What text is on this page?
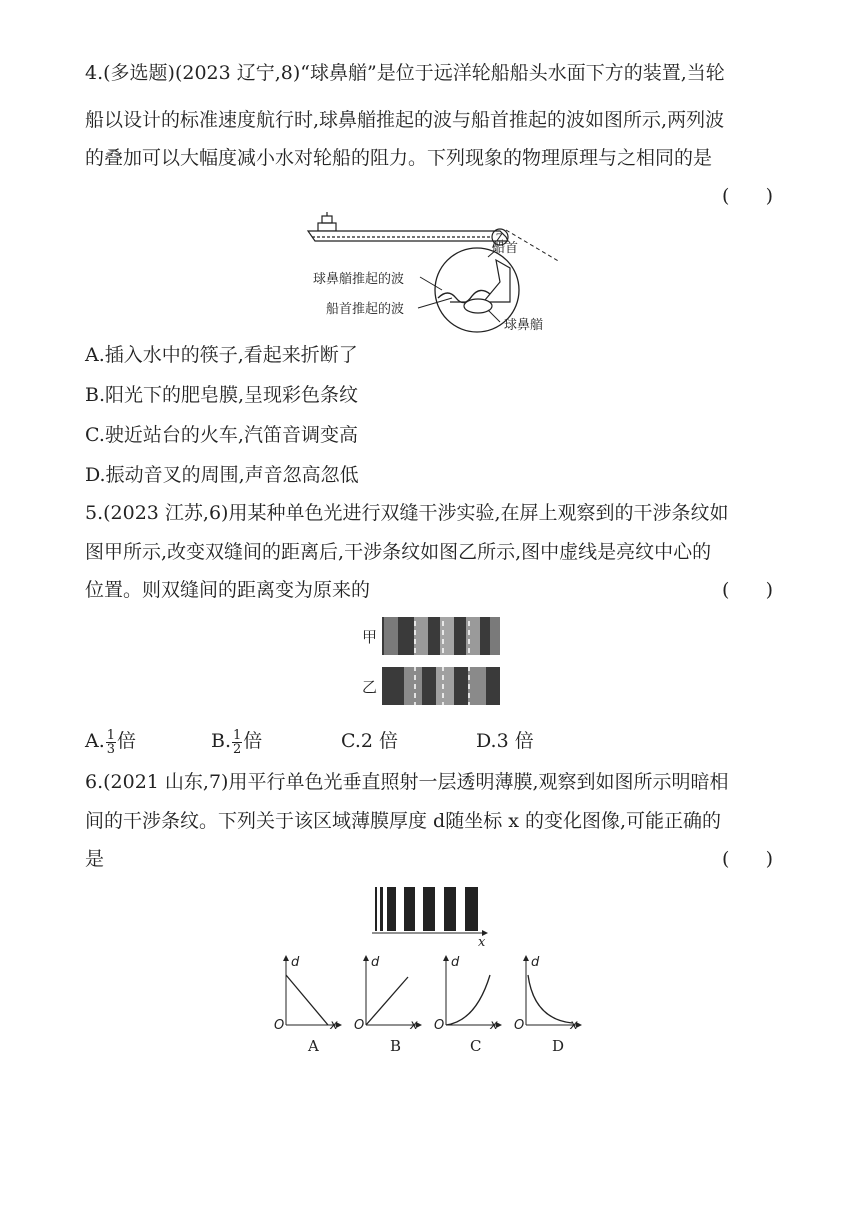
4.(多选题)(2023 辽宁,8)“球鼻艏”是位于远洋轮船船头水面下方的装置,当轮
船以设计的标准速度航行时,球鼻艏推起的波与船首推起的波如图所示,两列波
的叠加可以大幅度减小水对轮船的阻力。下列现象的物理原理与之相同的是
(      )
Z
船首
球鼻艏推起的波
船首推起的波
球鼻艏
A.插入水中的筷子,看起来折断了
B.阳光下的肥皂膜,呈现彩色条纹
C.驶近站台的火车,汽笛音调变高
D.振动音叉的周围,声音忽高忽低
5.(2023 江苏,6)用某种单色光进行双缝干涉实验,在屏上观察到的干涉条纹如
图甲所示,改变双缝间的距离后,干涉条纹如图乙所示,图中虚线是亮纹中心的
位置。则双缝间的距离变为原来的	(      )
甲
乙
A. $\frac{1}{3}$ 倍	B. $\frac{1}{2}$ 倍	C.2 倍	D.3 倍
6.(2021 山东,7)用平行单色光垂直照射一层透明薄膜,观察到如图所示明暗相
间的干涉条纹。下列关于该区域薄膜厚度 d随坐标 x 的变化图像,可能正确的
是	(      )
x
d
O	x
A
d
O	x
B
d
O	x
C
d
O	x
D
